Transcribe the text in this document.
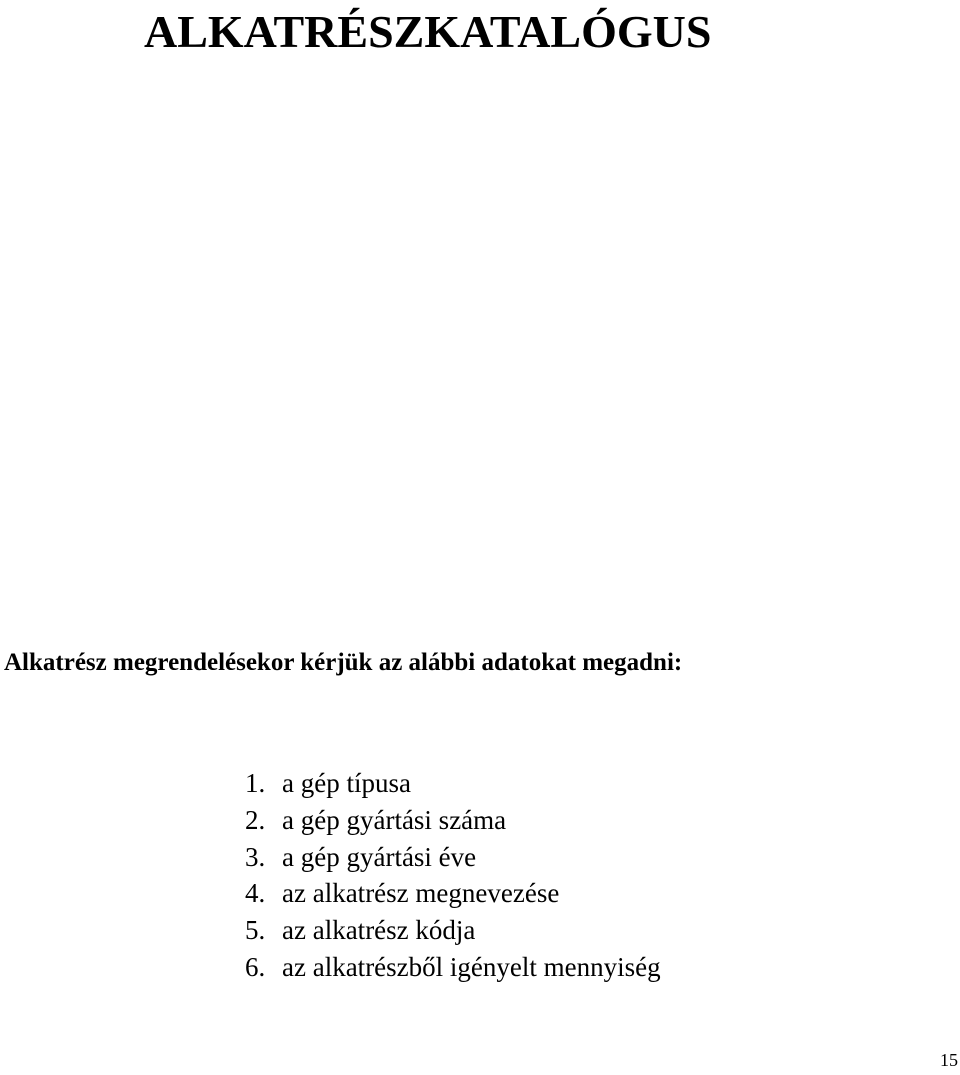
ALKATRÉSZKATALÓGUS

Alkatrész megrendelésekor kérjük az alábbi adatokat megadni:

1. a gép típusa
2. a gép gyártási száma
3. a gép gyártási éve
4. az alkatrész megnevezése
5. az alkatrész kódja
6. az alkatrészből igényelt mennyiség
15
